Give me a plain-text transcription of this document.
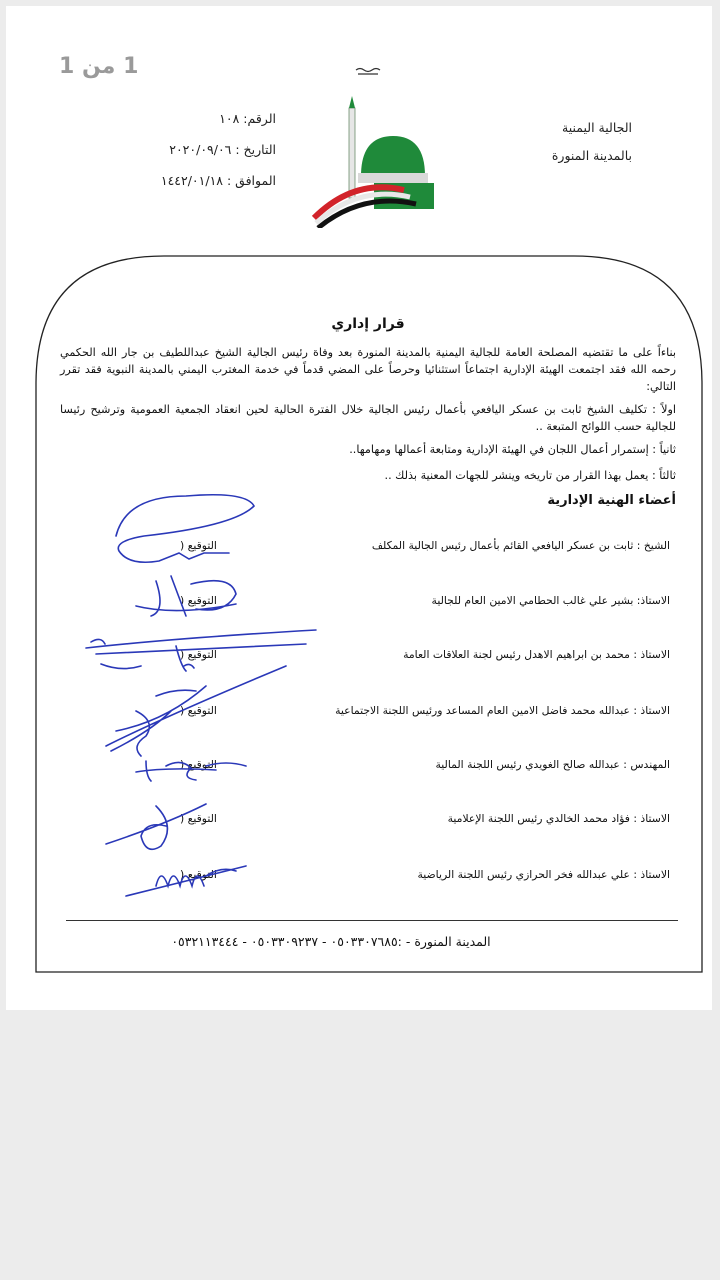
1 من 1
الجالية اليمنية
بالمدينة المنورة
الرقم: ١٠٨
التاريخ : ٢٠٢٠/٠٩/٠٦
الموافق : ١٤٤٢/٠١/١٨
قرار إداري

بناءاً على ما تقتضيه المصلحة العامة للجالية اليمنية بالمدينة المنورة بعد وفاة رئيس الجالية الشيخ عبداللطيف بن جار الله الحكمي رحمه الله فقد اجتمعت الهيئة الإدارية اجتماعاً استثنائيا وحرصاً على المضي قدماً في خدمة المغترب اليمني بالمدينة النبوية فقد تقرر التالي:

اولاً : تكليف الشيخ ثابت بن عسكر اليافعي بأعمال رئيس الجالية خلال الفترة الحالية لحين انعقاد الجمعية العمومية وترشيح رئيسا للجالية حسب اللوائح المتبعة ..

ثانياً : إستمرار أعمال اللجان في الهيئة الإدارية ومتابعة أعمالها ومهامها..

ثالثاً : يعمل بهذا القرار من تاريخه وينشر للجهات المعنية بذلك ..

أعضاء الهنية الإدارية
الشيخ : ثابت بن عسكر اليافعي القائم بأعمال رئيس الجالية المكلف
التوقيع (
الاستاذ: بشير علي غالب الحطامي الامين العام للجالية
التوقيع (
الاستاذ : محمد بن ابراهيم الاهدل رئيس لجنة العلاقات العامة
التوقيع (
الاستاذ : عبدالله محمد فاضل الامين العام المساعد ورئيس اللجنة الاجتماعية
التوقيع (
المهندس : عبدالله صالح الغويدي رئيس اللجنة المالية
التوقيع (
الاستاذ : فؤاد محمد الخالدي رئيس اللجنة الإعلامية
التوقيع (
الاستاذ : علي عبدالله فخر الحرازي رئيس اللجنة الرياضية
التوقيع (
المدينة المنورة - :٠٥٠٣٣٠٧٦٨٥ - ٠٥٠٣٣٠٩٢٣٧ - ٠٥٣٢١١٣٤٤٤
